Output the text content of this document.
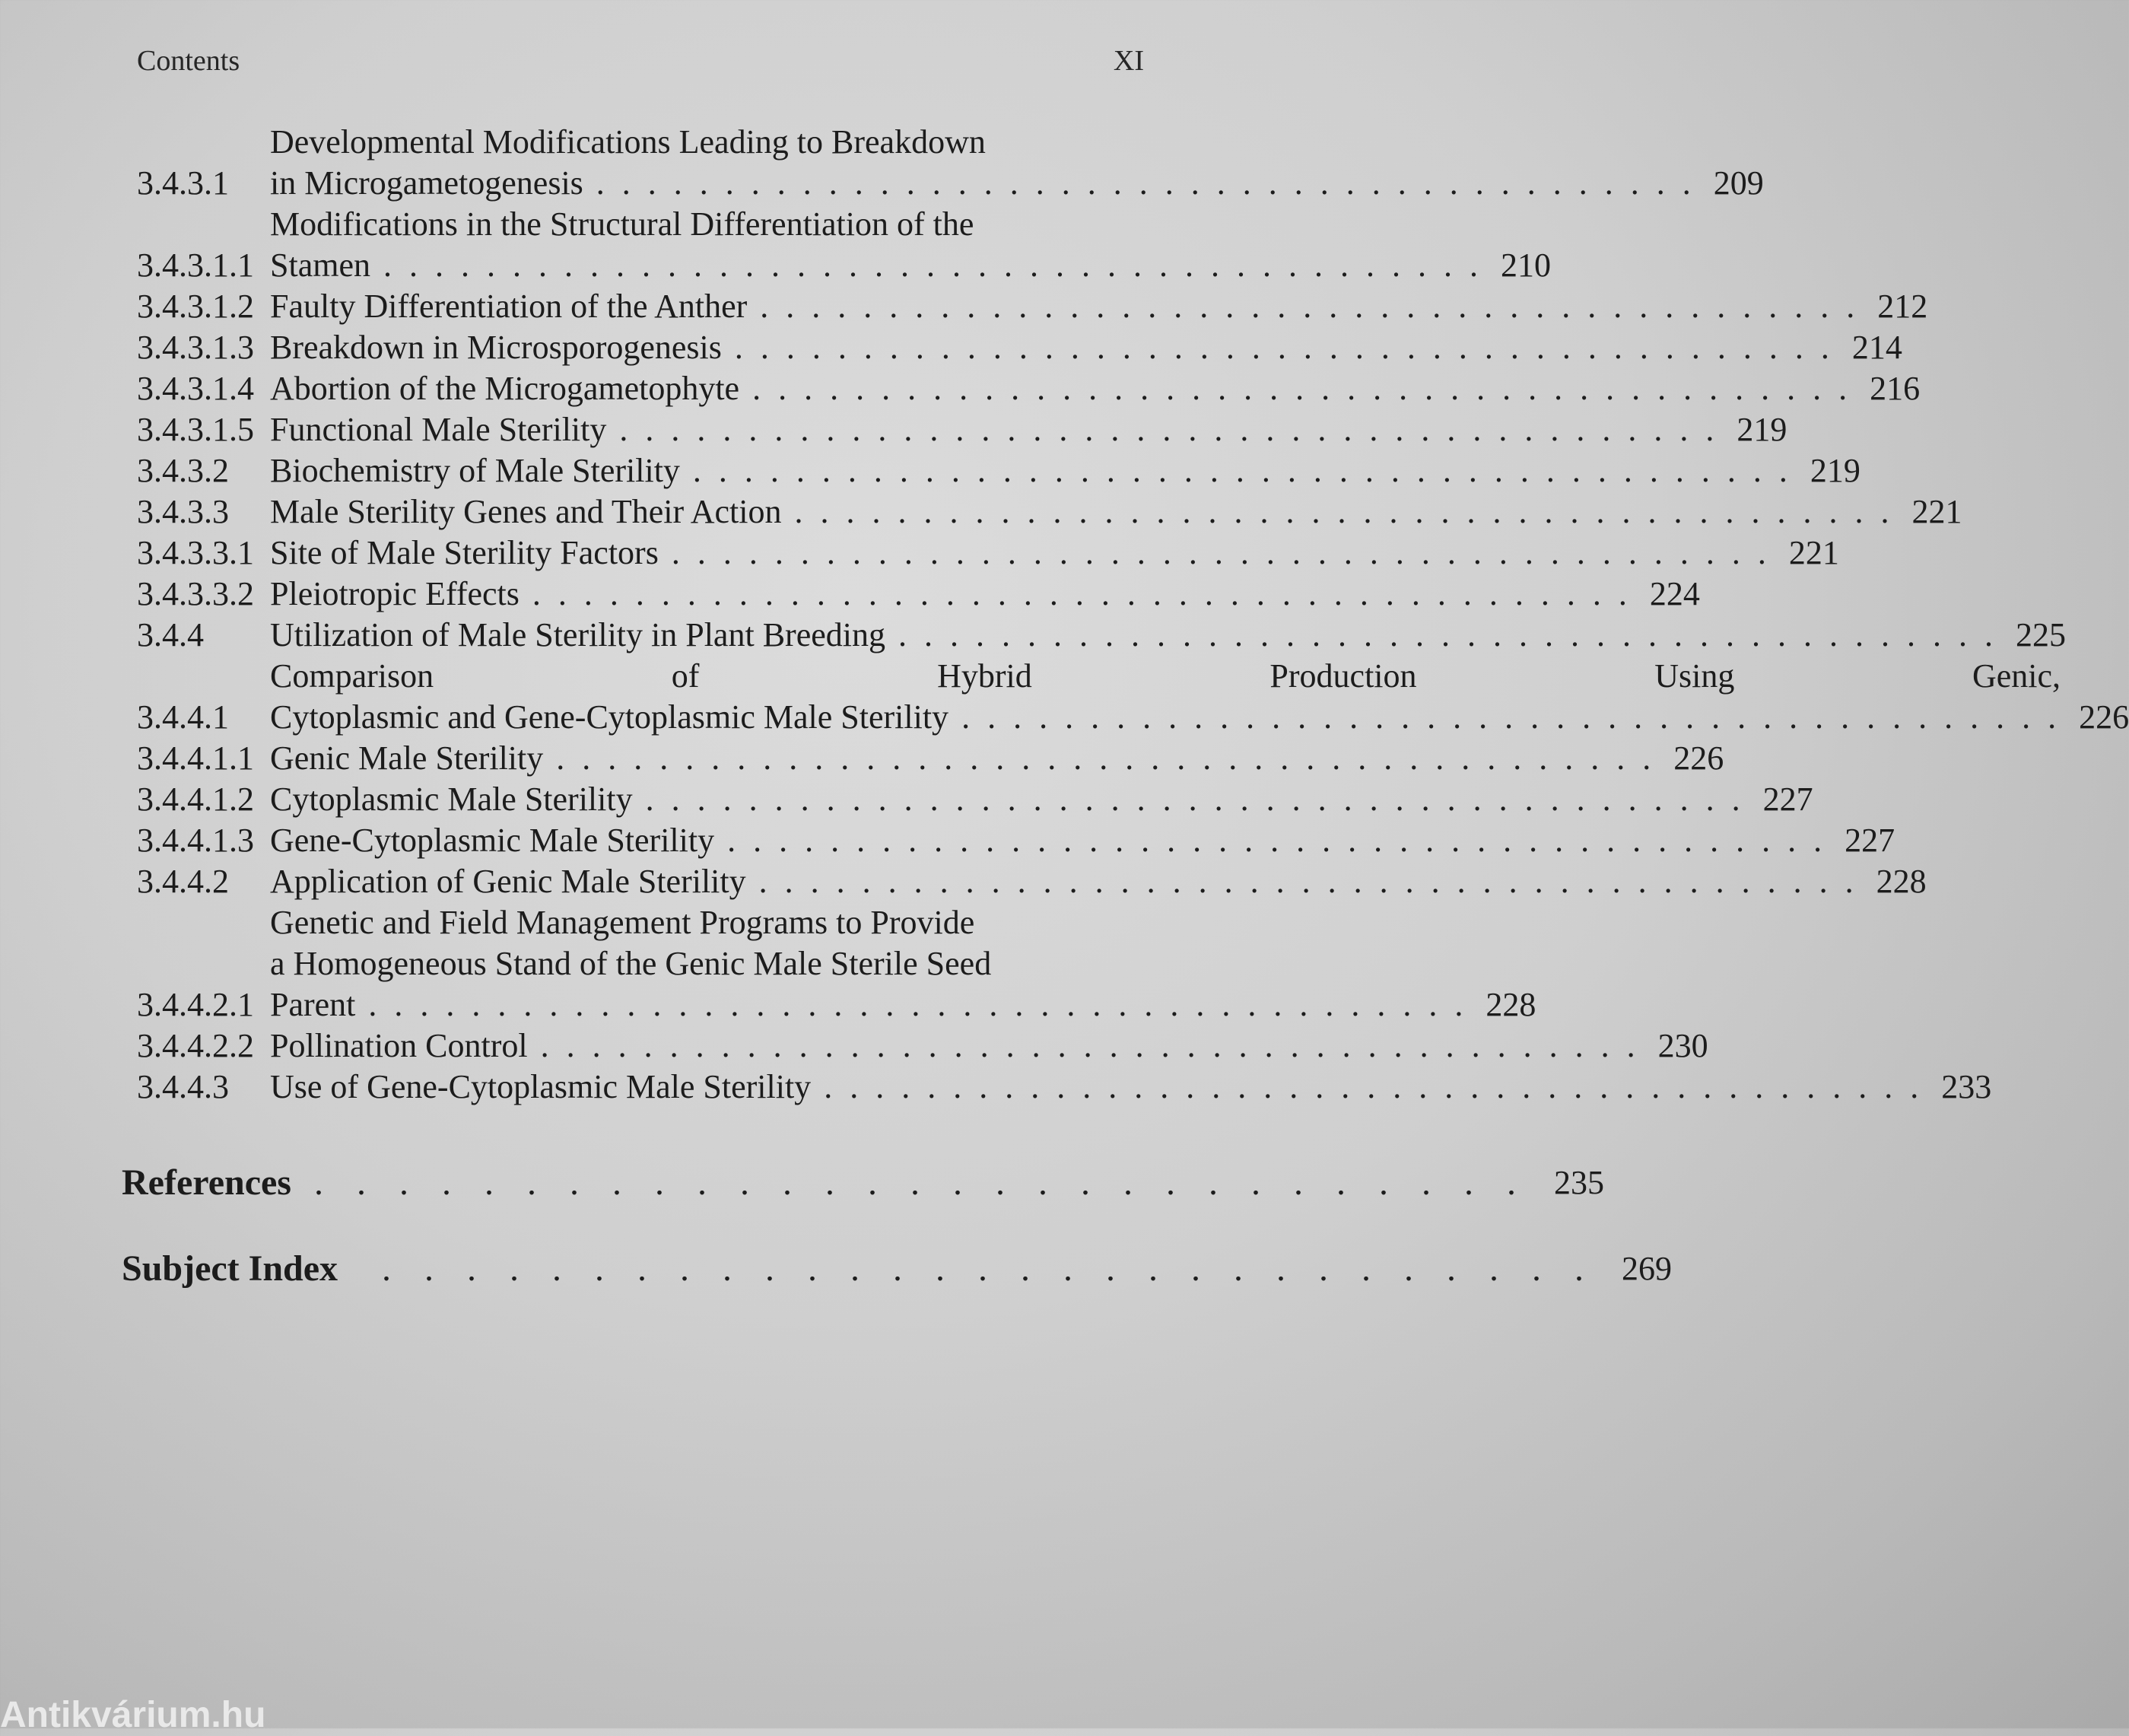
Contents	XI
3.4.3.1
Developmental Modifications Leading to Breakdown
in Microgametogenesis . . .	209
3.4.3.1.1
Modifications in the Structural Differentiation of the
Stamen . . .	210
3.4.3.1.2 Faulty Differentiation of the Anther . . .	212
3.4.3.1.3 Breakdown in Microsporogenesis . . .	214
3.4.3.1.4 Abortion of the Microgametophyte . . .	216
3.4.3.1.5 Functional Male Sterility . . .	219
3.4.3.2	Biochemistry of Male Sterility . . .	219
3.4.3.3	Male Sterility Genes and Their Action . . .	221
3.4.3.3.1 Site of Male Sterility Factors . . .	221
3.4.3.3.2 Pleiotropic Effects . . .	224
3.4.4	Utilization of Male Sterility in Plant Breeding . . .	225
3.4.4.1
Comparison of Hybrid Production Using Genic,
Cytoplasmic and Gene-Cytoplasmic Male Sterility . . .	226
3.4.4.1.1 Genic Male Sterility . . .	226
3.4.4.1.2 Cytoplasmic Male Sterility . . .	227
3.4.4.1.3 Gene-Cytoplasmic Male Sterility . . .	227
3.4.4.2	Application of Genic Male Sterility . . .	228
3.4.4.2.1
Genetic and Field Management Programs to Provide
a Homogeneous Stand of the Genic Male Sterile Seed
Parent . . .	228
3.4.4.2.2 Pollination Control . . .	230
3.4.4.3	Use of Gene-Cytoplasmic Male Sterility . . .	233
References . . . . . . . . . . . . . . . . . . . . . . . . . . . . . 235
Subject Index . . . . . . . . . . . . . . . . . . . . . . . . . . . . . 269
Antikvárium.hu
